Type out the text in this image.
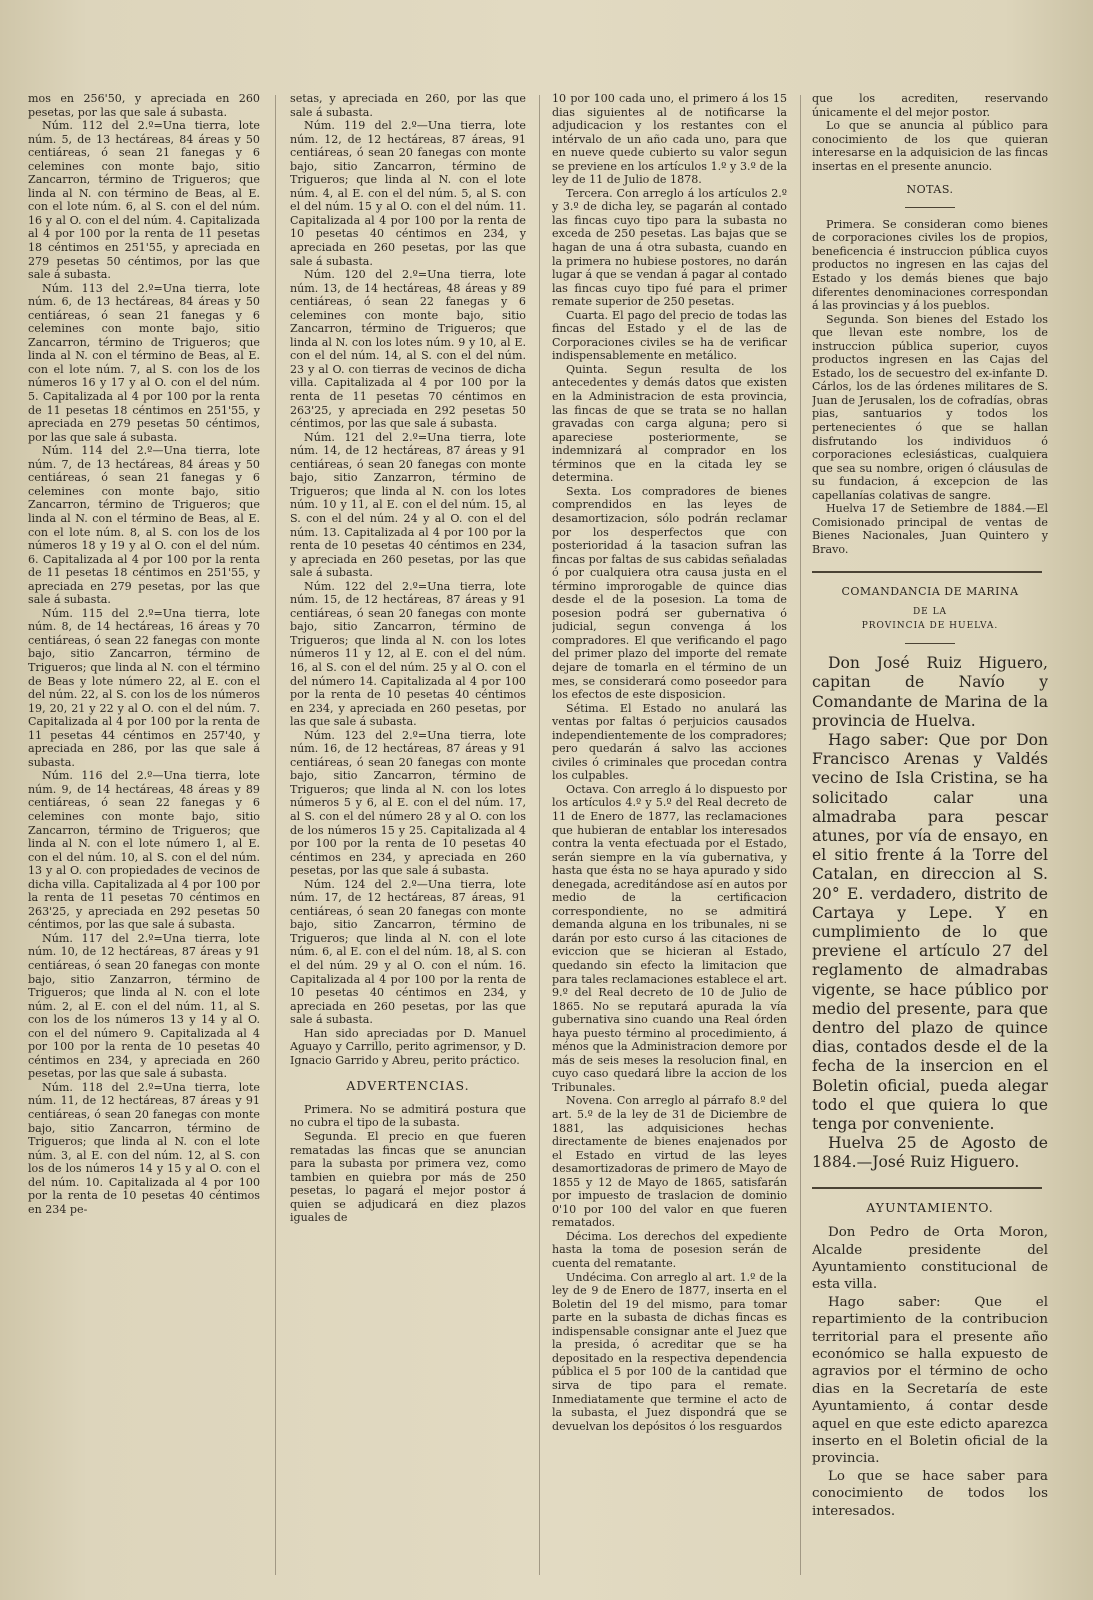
mos en 256'50, y apreciada en 260 pesetas, por las que sale á subasta.

Núm. 112 del 2.º=Una tierra, lote núm. 5, de 13 hectáreas, 84 áreas y 50 centiáreas, ó sean 21 fanegas y 6 celemines con monte bajo, sitio Zancarron, término de Trigueros; que linda al N. con término de Beas, al E. con el lote núm. 6, al S. con el del núm. 16 y al O. con el del núm. 4. Capitalizada al 4 por 100 por la renta de 11 pesetas 18 céntimos en 251'55, y apreciada en 279 pesetas 50 céntimos, por las que sale á subasta.

Núm. 113 del 2.º=Una tierra, lote núm. 6, de 13 hectáreas, 84 áreas y 50 centiáreas, ó sean 21 fanegas y 6 celemines con monte bajo, sitio Zancarron, término de Trigueros; que linda al N. con el término de Beas, al E. con el lote núm. 7, al S. con los de los números 16 y 17 y al O. con el del núm. 5. Capitalizada al 4 por 100 por la renta de 11 pesetas 18 céntimos en 251'55, y apreciada en 279 pesetas 50 céntimos, por las que sale á subasta.

Núm. 114 del 2.º—Una tierra, lote núm. 7, de 13 hectáreas, 84 áreas y 50 centiáreas, ó sean 21 fanegas y 6 celemines con monte bajo, sitio Zancarron, término de Trigueros; que linda al N. con el término de Beas, al E. con el lote núm. 8, al S. con los de los números 18 y 19 y al O. con el del núm. 6. Capitalizada al 4 por 100 por la renta de 11 pesetas 18 céntimos en 251'55, y apreciada en 279 pesetas, por las que sale á subasta.

Núm. 115 del 2.º=Una tierra, lote núm. 8, de 14 hectáreas, 16 áreas y 70 centiáreas, ó sean 22 fanegas con monte bajo, sitio Zancarron, término de Trigueros; que linda al N. con el término de Beas y lote número 22, al E. con el del núm. 22, al S. con los de los números 19, 20, 21 y 22 y al O. con el del núm. 7. Capitalizada al 4 por 100 por la renta de 11 pesetas 44 céntimos en 257'40, y apreciada en 286, por las que sale á subasta.

Núm. 116 del 2.º—Una tierra, lote núm. 9, de 14 hectáreas, 48 áreas y 89 centiáreas, ó sean 22 fanegas y 6 celemines con monte bajo, sitio Zancarron, término de Trigueros; que linda al N. con el lote número 1, al E. con el del núm. 10, al S. con el del núm. 13 y al O. con propiedades de vecinos de dicha villa. Capitalizada al 4 por 100 por la renta de 11 pesetas 70 céntimos en 263'25, y apreciada en 292 pesetas 50 céntimos, por las que sale á subasta.

Núm. 117 del 2.º=Una tierra, lote núm. 10, de 12 hectáreas, 87 áreas y 91 centiáreas, ó sean 20 fanegas con monte bajo, sitio Zanzarron, término de Trigueros; que linda al N. con el lote núm. 2, al E. con el del núm. 11, al S. con los de los números 13 y 14 y al O. con el del número 9. Capitalizada al 4 por 100 por la renta de 10 pesetas 40 céntimos en 234, y apreciada en 260 pesetas, por las que sale á subasta.

Núm. 118 del 2.º=Una tierra, lote núm. 11, de 12 hectáreas, 87 áreas y 91 centiáreas, ó sean 20 fanegas con monte bajo, sitio Zancarron, término de Trigueros; que linda al N. con el lote núm. 3, al E. con del núm. 12, al S. con los de los números 14 y 15 y al O. con el del núm. 10. Capitalizada al 4 por 100 por la renta de 10 pesetas 40 céntimos en 234 pe-

setas, y apreciada en 260, por las que sale á subasta.

Núm. 119 del 2.º—Una tierra, lote núm. 12, de 12 hectáreas, 87 áreas, 91 centiáreas, ó sean 20 fanegas con monte bajo, sitio Zancarron, término de Trigueros; que linda al N. con el lote núm. 4, al E. con el del núm. 5, al S. con el del núm. 15 y al O. con el del núm. 11. Capitalizada al 4 por 100 por la renta de 10 pesetas 40 céntimos en 234, y apreciada en 260 pesetas, por las que sale á subasta.

Núm. 120 del 2.º=Una tierra, lote núm. 13, de 14 hectáreas, 48 áreas y 89 centiáreas, ó sean 22 fanegas y 6 celemines con monte bajo, sitio Zancarron, término de Trigueros; que linda al N. con los lotes núm. 9 y 10, al E. con el del núm. 14, al S. con el del núm. 23 y al O. con tierras de vecinos de dicha villa. Capitalizada al 4 por 100 por la renta de 11 pesetas 70 céntimos en 263'25, y apreciada en 292 pesetas 50 céntimos, por las que sale á subasta.

Núm. 121 del 2.º=Una tierra, lote núm. 14, de 12 hectáreas, 87 áreas y 91 centiáreas, ó sean 20 fanegas con monte bajo, sitio Zanzarron, término de Trigueros; que linda al N. con los lotes núm. 10 y 11, al E. con el del núm. 15, al S. con el del núm. 24 y al O. con el del núm. 13. Capitalizada al 4 por 100 por la renta de 10 pesetas 40 céntimos en 234, y apreciada en 260 pesetas, por las que sale á subasta.

Núm. 122 del 2.º=Una tierra, lote núm. 15, de 12 hectáreas, 87 áreas y 91 centiáreas, ó sean 20 fanegas con monte bajo, sitio Zancarron, término de Trigueros; que linda al N. con los lotes números 11 y 12, al E. con el del núm. 16, al S. con el del núm. 25 y al O. con el del número 14. Capitalizada al 4 por 100 por la renta de 10 pesetas 40 céntimos en 234, y apreciada en 260 pesetas, por las que sale á subasta.

Núm. 123 del 2.º=Una tierra, lote núm. 16, de 12 hectáreas, 87 áreas y 91 centiáreas, ó sean 20 fanegas con monte bajo, sitio Zancarron, término de Trigueros; que linda al N. con los lotes números 5 y 6, al E. con el del núm. 17, al S. con el del número 28 y al O. con los de los números 15 y 25. Capitalizada al 4 por 100 por la renta de 10 pesetas 40 céntimos en 234, y apreciada en 260 pesetas, por las que sale á subasta.

Núm. 124 del 2.º—Una tierra, lote núm. 17, de 12 hectáreas, 87 áreas, 91 centiáreas, ó sean 20 fanegas con monte bajo, sitio Zancarron, término de Trigueros; que linda al N. con el lote núm. 6, al E. con el del núm. 18, al S. con el del núm. 29 y al O. con el núm. 16. Capitalizada al 4 por 100 por la renta de 10 pesetas 40 céntimos en 234, y apreciada en 260 pesetas, por las que sale á subasta.

Han sido apreciadas por D. Manuel Aguayo y Carrillo, perito agrimensor, y D. Ignacio Garrido y Abreu, perito práctico.

ADVERTENCIAS.

Primera. No se admitirá postura que no cubra el tipo de la subasta.

Segunda. El precio en que fueren rematadas las fincas que se anuncian para la subasta por primera vez, como tambien en quiebra por más de 250 pesetas, lo pagará el mejor postor á quien se adjudicará en diez plazos iguales de

10 por 100 cada uno, el primero á los 15 dias siguientes al de notificarse la adjudicacion y los restantes con el intérvalo de un año cada uno, para que en nueve quede cubierto su valor segun se previene en los artículos 1.º y 3.º de la ley de 11 de Julio de 1878.

Tercera. Con arreglo á los artículos 2.º y 3.º de dicha ley, se pagarán al contado las fincas cuyo tipo para la subasta no exceda de 250 pesetas. Las bajas que se hagan de una á otra subasta, cuando en la primera no hubiese postores, no darán lugar á que se vendan á pagar al contado las fincas cuyo tipo fué para el primer remate superior de 250 pesetas.

Cuarta. El pago del precio de todas las fincas del Estado y el de las de Corporaciones civiles se ha de verificar indispensablemente en metálico.

Quinta. Segun resulta de los antecedentes y demás datos que existen en la Administracion de esta provincia, las fincas de que se trata se no hallan gravadas con carga alguna; pero si apareciese posteriormente, se indemnizará al comprador en los términos que en la citada ley se determina.

Sexta. Los compradores de bienes comprendidos en las leyes de desamortizacion, sólo podrán reclamar por los desperfectos que con posterioridad á la tasacion sufran las fincas por faltas de sus cabidas señaladas ó por cualquiera otra causa justa en el término improrogable de quince dias desde el de la posesion. La toma de posesion podrá ser gubernativa ó judicial, segun convenga á los compradores. El que verificando el pago del primer plazo del importe del remate dejare de tomarla en el término de un mes, se considerará como poseedor para los efectos de este disposicion.

Sétima. El Estado no anulará las ventas por faltas ó perjuicios causados independientemente de los compradores; pero quedarán á salvo las acciones civiles ó criminales que procedan contra los culpables.

Octava. Con arreglo á lo dispuesto por los artículos 4.º y 5.º del Real decreto de 11 de Enero de 1877, las reclamaciones que hubieran de entablar los interesados contra la venta efectuada por el Estado, serán siempre en la vía gubernativa, y hasta que ésta no se haya apurado y sido denegada, acreditándose así en autos por medio de la certificacion correspondiente, no se admitirá demanda alguna en los tribunales, ni se darán por esto curso á las citaciones de eviccion que se hicieran al Estado, quedando sin efecto la limitacion que para tales reclamaciones establece el art. 9.º del Real decreto de 10 de Julio de 1865. No se reputará apurada la vía gubernativa sino cuando una Real órden haya puesto término al procedimiento, á ménos que la Administracion demore por más de seis meses la resolucion final, en cuyo caso quedará libre la accion de los Tribunales.

Novena. Con arreglo al párrafo 8.º del art. 5.º de la ley de 31 de Diciembre de 1881, las adquisiciones hechas directamente de bienes enajenados por el Estado en virtud de las leyes desamortizadoras de primero de Mayo de 1855 y 12 de Mayo de 1865, satisfarán por impuesto de traslacion de dominio 0'10 por 100 del valor en que fueren rematados.

Décima. Los derechos del expediente hasta la toma de posesion serán de cuenta del rematante.

Undécima. Con arreglo al art. 1.º de la ley de 9 de Enero de 1877, inserta en el Boletin del 19 del mismo, para tomar parte en la subasta de dichas fincas es indispensable consignar ante el Juez que la presida, ó acreditar que se ha depositado en la respectiva dependencia pública el 5 por 100 de la cantidad que sirva de tipo para el remate. Inmediatamente que termine el acto de la subasta, el Juez dispondrá que se devuelvan los depósitos ó los resguardos

que los acrediten, reservando únicamente el del mejor postor.

Lo que se anuncia al público para conocimiento de los que quieran interesarse en la adquisicion de las fincas insertas en el presente anuncio.

NOTAS.

Primera. Se consideran como bienes de corporaciones civiles los de propios, beneficencia é instruccion pública cuyos productos no ingresen en las cajas del Estado y los demás bienes que bajo diferentes denominaciones correspondan á las provincias y á los pueblos.

Segunda. Son bienes del Estado los que llevan este nombre, los de instruccion pública superior, cuyos productos ingresen en las Cajas del Estado, los de secuestro del ex-infante D. Cárlos, los de las órdenes militares de S. Juan de Jerusalen, los de cofradías, obras pias, santuarios y todos los pertenecientes ó que se hallan disfrutando los individuos ó corporaciones eclesiásticas, cualquiera que sea su nombre, origen ó cláusulas de su fundacion, á excepcion de las capellanías colativas de sangre.

Huelva 17 de Setiembre de 1884.—El Comisionado principal de ventas de Bienes Nacionales, Juan Quintero y Bravo.

COMANDANCIA DE MARINA

DE LA

PROVINCIA DE HUELVA.

Don José Ruiz Higuero, capitan de Navío y Comandante de Marina de la provincia de Huelva.

Hago saber: Que por Don Francisco Arenas y Valdés vecino de Isla Cristina, se ha solicitado calar una almadraba para pescar atunes, por vía de ensayo, en el sitio frente á la Torre del Catalan, en direccion al S. 20° E. verdadero, distrito de Cartaya y Lepe. Y en cumplimiento de lo que previene el artículo 27 del reglamento de almadrabas vigente, se hace público por medio del presente, para que dentro del plazo de quince dias, contados desde el de la fecha de la insercion en el Boletin oficial, pueda alegar todo el que quiera lo que tenga por conveniente.

Huelva 25 de Agosto de 1884.—José Ruiz Higuero.

AYUNTAMIENTO.

Don Pedro de Orta Moron, Alcalde presidente del Ayuntamiento constitucional de esta villa.

Hago saber: Que el repartimiento de la contribucion territorial para el presente año económico se halla expuesto de agravios por el término de ocho dias en la Secretaría de este Ayuntamiento, á contar desde aquel en que este edicto aparezca inserto en el Boletin oficial de la provincia.

Lo que se hace saber para conocimiento de todos los interesados.
